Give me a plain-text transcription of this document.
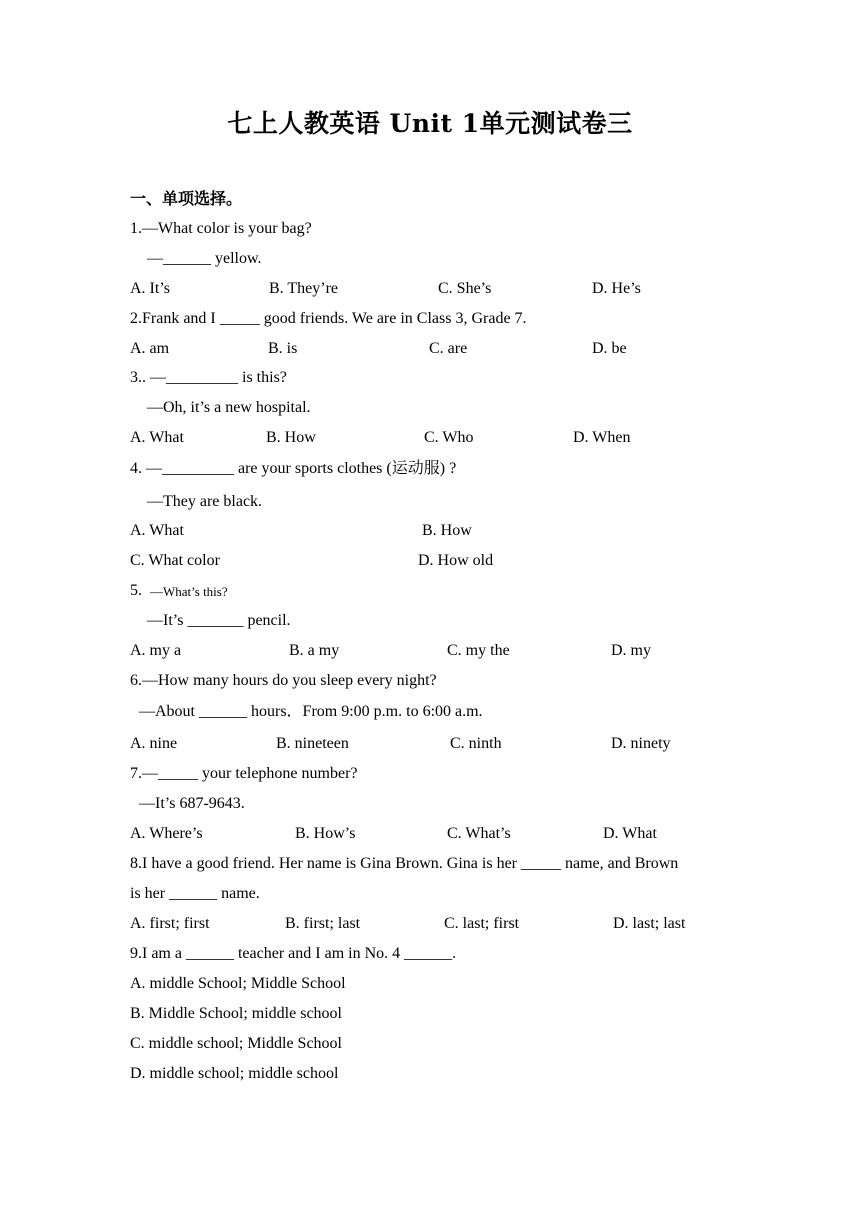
七上人教英语 Unit 1单元测试卷三
一、单项选择。
1.—What color is your bag?
—______ yellow.
A. It’s	B. They’re	C. She’s	D. He’s
2.Frank and I _____ good friends. We are in Class 3, Grade 7.
A. am	B. is	C. are	D. be
3.. —_________ is this?
—Oh, it’s a new hospital.
A. What	B. How	C. Who	D. When
4. —_________ are your sports clothes (运动服) ?
—They are black.
A. What	B. How
C. What color	D. How old
5. —What’s this?
—It’s _______ pencil.
A. my a	B. a my	C. my the	D. my
6.—How many hours do you sleep every night?
—About ______ hours．From 9:00 p.m. to 6:00 a.m.
A. nine	B. nineteen	C. ninth	D. ninety
7.—_____ your telephone number?
—It’s 687-9643.
A. Where’s	B. How’s	C. What’s	D. What
8.I have a good friend. Her name is Gina Brown. Gina is her _____ name, and Brown
is her ______ name.
A. first; first	B. first; last	C. last; first	D. last; last
9.I am a ______ teacher and I am in No. 4 ______.
A. middle School; Middle School
B. Middle School; middle school
C. middle school; Middle School
D. middle school; middle school
